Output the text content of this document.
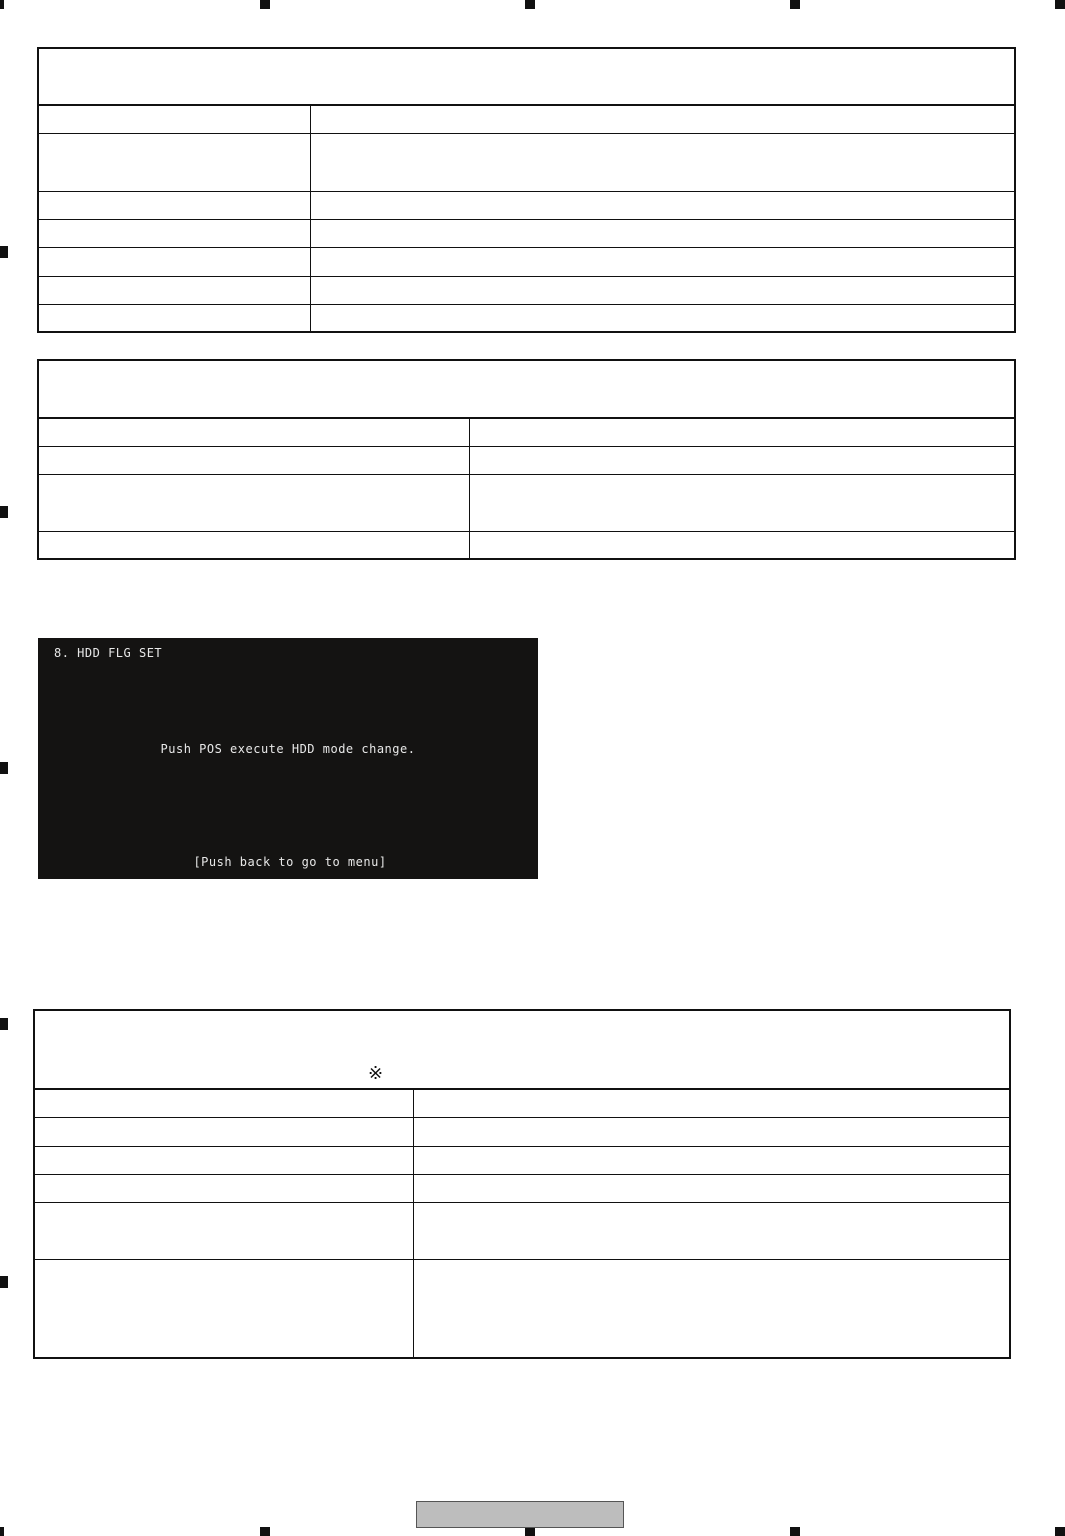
8. HDD FLG SET
Push POS execute HDD mode change.
[Push back to go to menu]
※	
